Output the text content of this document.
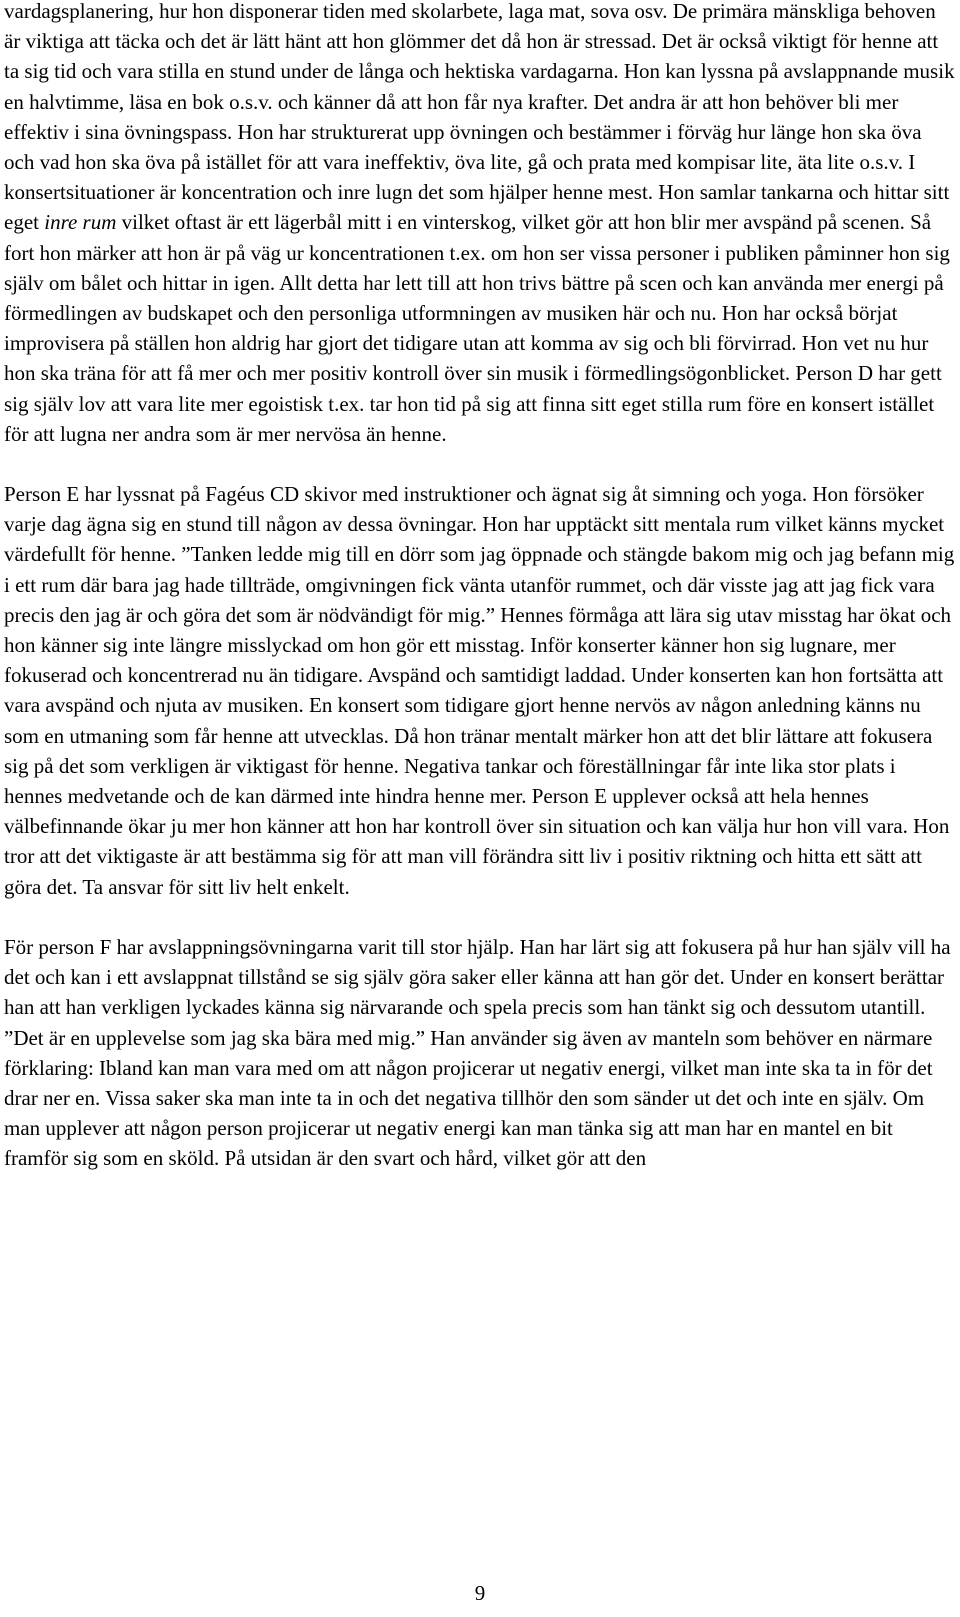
vardagsplanering, hur hon disponerar tiden med skolarbete, laga mat, sova osv. De primära mänskliga behoven är viktiga att täcka och det är lätt hänt att hon glömmer det då hon är stressad. Det är också viktigt för henne att ta sig tid och vara stilla en stund under de långa och hektiska vardagarna. Hon kan lyssna på avslappnande musik en halvtimme, läsa en bok o.s.v. och känner då att hon får nya krafter. Det andra är att hon behöver bli mer effektiv i sina övningspass. Hon har strukturerat upp övningen och bestämmer i förväg hur länge hon ska öva och vad hon ska öva på istället för att vara ineffektiv, öva lite, gå och prata med kompisar lite, äta lite o.s.v. I konsertsituationer är koncentration och inre lugn det som hjälper henne mest. Hon samlar tankarna och hittar sitt eget inre rum vilket oftast är ett lägerbål mitt i en vinterskog, vilket gör att hon blir mer avspänd på scenen. Så fort hon märker att hon är på väg ur koncentrationen t.ex. om hon ser vissa personer i publiken påminner hon sig själv om bålet och hittar in igen. Allt detta har lett till att hon trivs bättre på scen och kan använda mer energi på förmedlingen av budskapet och den personliga utformningen av musiken här och nu. Hon har också börjat improvisera på ställen hon aldrig har gjort det tidigare utan att komma av sig och bli förvirrad. Hon vet nu hur hon ska träna för att få mer och mer positiv kontroll över sin musik i förmedlingsögonblicket. Person D har gett sig själv lov att vara lite mer egoistisk t.ex. tar hon tid på sig att finna sitt eget stilla rum före en konsert istället för att lugna ner andra som är mer nervösa än henne.

Person E har lyssnat på Fagéus CD skivor med instruktioner och ägnat sig åt simning och yoga. Hon försöker varje dag ägna sig en stund till någon av dessa övningar. Hon har upptäckt sitt mentala rum vilket känns mycket värdefullt för henne. ”Tanken ledde mig till en dörr som jag öppnade och stängde bakom mig och jag befann mig i ett rum där bara jag hade tillträde, omgivningen fick vänta utanför rummet, och där visste jag att jag fick vara precis den jag är och göra det som är nödvändigt för mig.” Hennes förmåga att lära sig utav misstag har ökat och hon känner sig inte längre misslyckad om hon gör ett misstag. Inför konserter känner hon sig lugnare, mer fokuserad och koncentrerad nu än tidigare. Avspänd och samtidigt laddad. Under konserten kan hon fortsätta att vara avspänd och njuta av musiken. En konsert som tidigare gjort henne nervös av någon anledning känns nu som en utmaning som får henne att utvecklas. Då hon tränar mentalt märker hon att det blir lättare att fokusera sig på det som verkligen är viktigast för henne. Negativa tankar och föreställningar får inte lika stor plats i hennes medvetande och de kan därmed inte hindra henne mer. Person E upplever också att hela hennes välbefinnande ökar ju mer hon känner att hon har kontroll över sin situation och kan välja hur hon vill vara. Hon tror att det viktigaste är att bestämma sig för att man vill förändra sitt liv i positiv riktning och hitta ett sätt att göra det. Ta ansvar för sitt liv helt enkelt.

För person F har avslappningsövningarna varit till stor hjälp. Han har lärt sig att fokusera på hur han själv vill ha det och kan i ett avslappnat tillstånd se sig själv göra saker eller känna att han gör det. Under en konsert berättar han att han verkligen lyckades känna sig närvarande och spela precis som han tänkt sig och dessutom utantill. ”Det är en upplevelse som jag ska bära med mig.” Han använder sig även av manteln som behöver en närmare förklaring: Ibland kan man vara med om att någon projicerar ut negativ energi, vilket man inte ska ta in för det drar ner en. Vissa saker ska man inte ta in och det negativa tillhör den som sänder ut det och inte en själv. Om man upplever att någon person projicerar ut negativ energi kan man tänka sig att man har en mantel en bit framför sig som en sköld. På utsidan är den svart och hård, vilket gör att den

9
